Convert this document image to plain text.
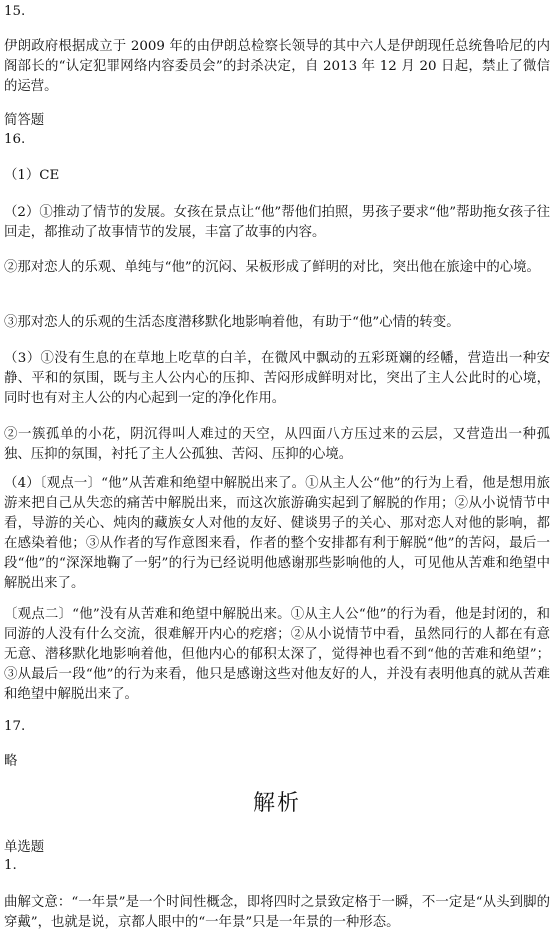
15.

伊朗政府根据成立于 2009 年的由伊朗总检察长领导的其中六人是伊朗现任总统鲁哈尼的内阁部长的“认定犯罪网络内容委员会”的封杀决定，自 2013 年 12 月 20 日起，禁止了微信的运营。

简答题

16.

（1）CE

（2）①推动了情节的发展。女孩在景点让“他”帮他们拍照，男孩子要求“他”帮助拖女孩子往回走，都推动了故事情节的发展，丰富了故事的内容。

②那对恋人的乐观、单纯与“他”的沉闷、呆板形成了鲜明的对比，突出他在旅途中的心境。

③那对恋人的乐观的生活态度潜移默化地影响着他，有助于“他”心情的转变。

（3）①没有生息的在草地上吃草的白羊，在微风中飘动的五彩斑斓的经幡，营造出一种安静、平和的氛围，既与主人公内心的压抑、苦闷形成鲜明对比，突出了主人公此时的心境，同时也有对主人公的内心起到一定的净化作用。

②一簇孤单的小花，阴沉得叫人难过的天空，从四面八方压过来的云层，又营造出一种孤独、压抑的氛围，衬托了主人公孤独、苦闷、压抑的心境。

（4）〔观点一〕“他”从苦难和绝望中解脱出来了。①从主人公“他”的行为上看，他是想用旅游来把自己从失恋的痛苦中解脱出来，而这次旅游确实起到了解脱的作用；②从小说情节中看，导游的关心、炖肉的藏族女人对他的友好、健谈男子的关心、那对恋人对他的影响，都在感染着他；③从作者的写作意图来看，作者的整个安排都有利于解脱“他”的苦闷，最后一段“他”的“深深地鞠了一躬”的行为已经说明他感谢那些影响他的人，可见他从苦难和绝望中解脱出来了。

〔观点二〕“他”没有从苦难和绝望中解脱出来。①从主人公“他”的行为看，他是封闭的，和同游的人没有什么交流，很难解开内心的疙瘩；②从小说情节中看，虽然同行的人都在有意无意、潜移默化地影响着他，但他内心的郁积太深了，觉得神也看不到“他的苦难和绝望”； ③从最后一段“他”的行为来看，他只是感谢这些对他友好的人，并没有表明他真的就从苦难和绝望中解脱出来了。

17.

略

解析

单选题

1.

曲解文意：“一年景”是一个时间性概念，即将四时之景致定格于一瞬，不一定是“从头到脚的穿戴”，也就是说，京都人眼中的“一年景”只是一年景的一种形态。
